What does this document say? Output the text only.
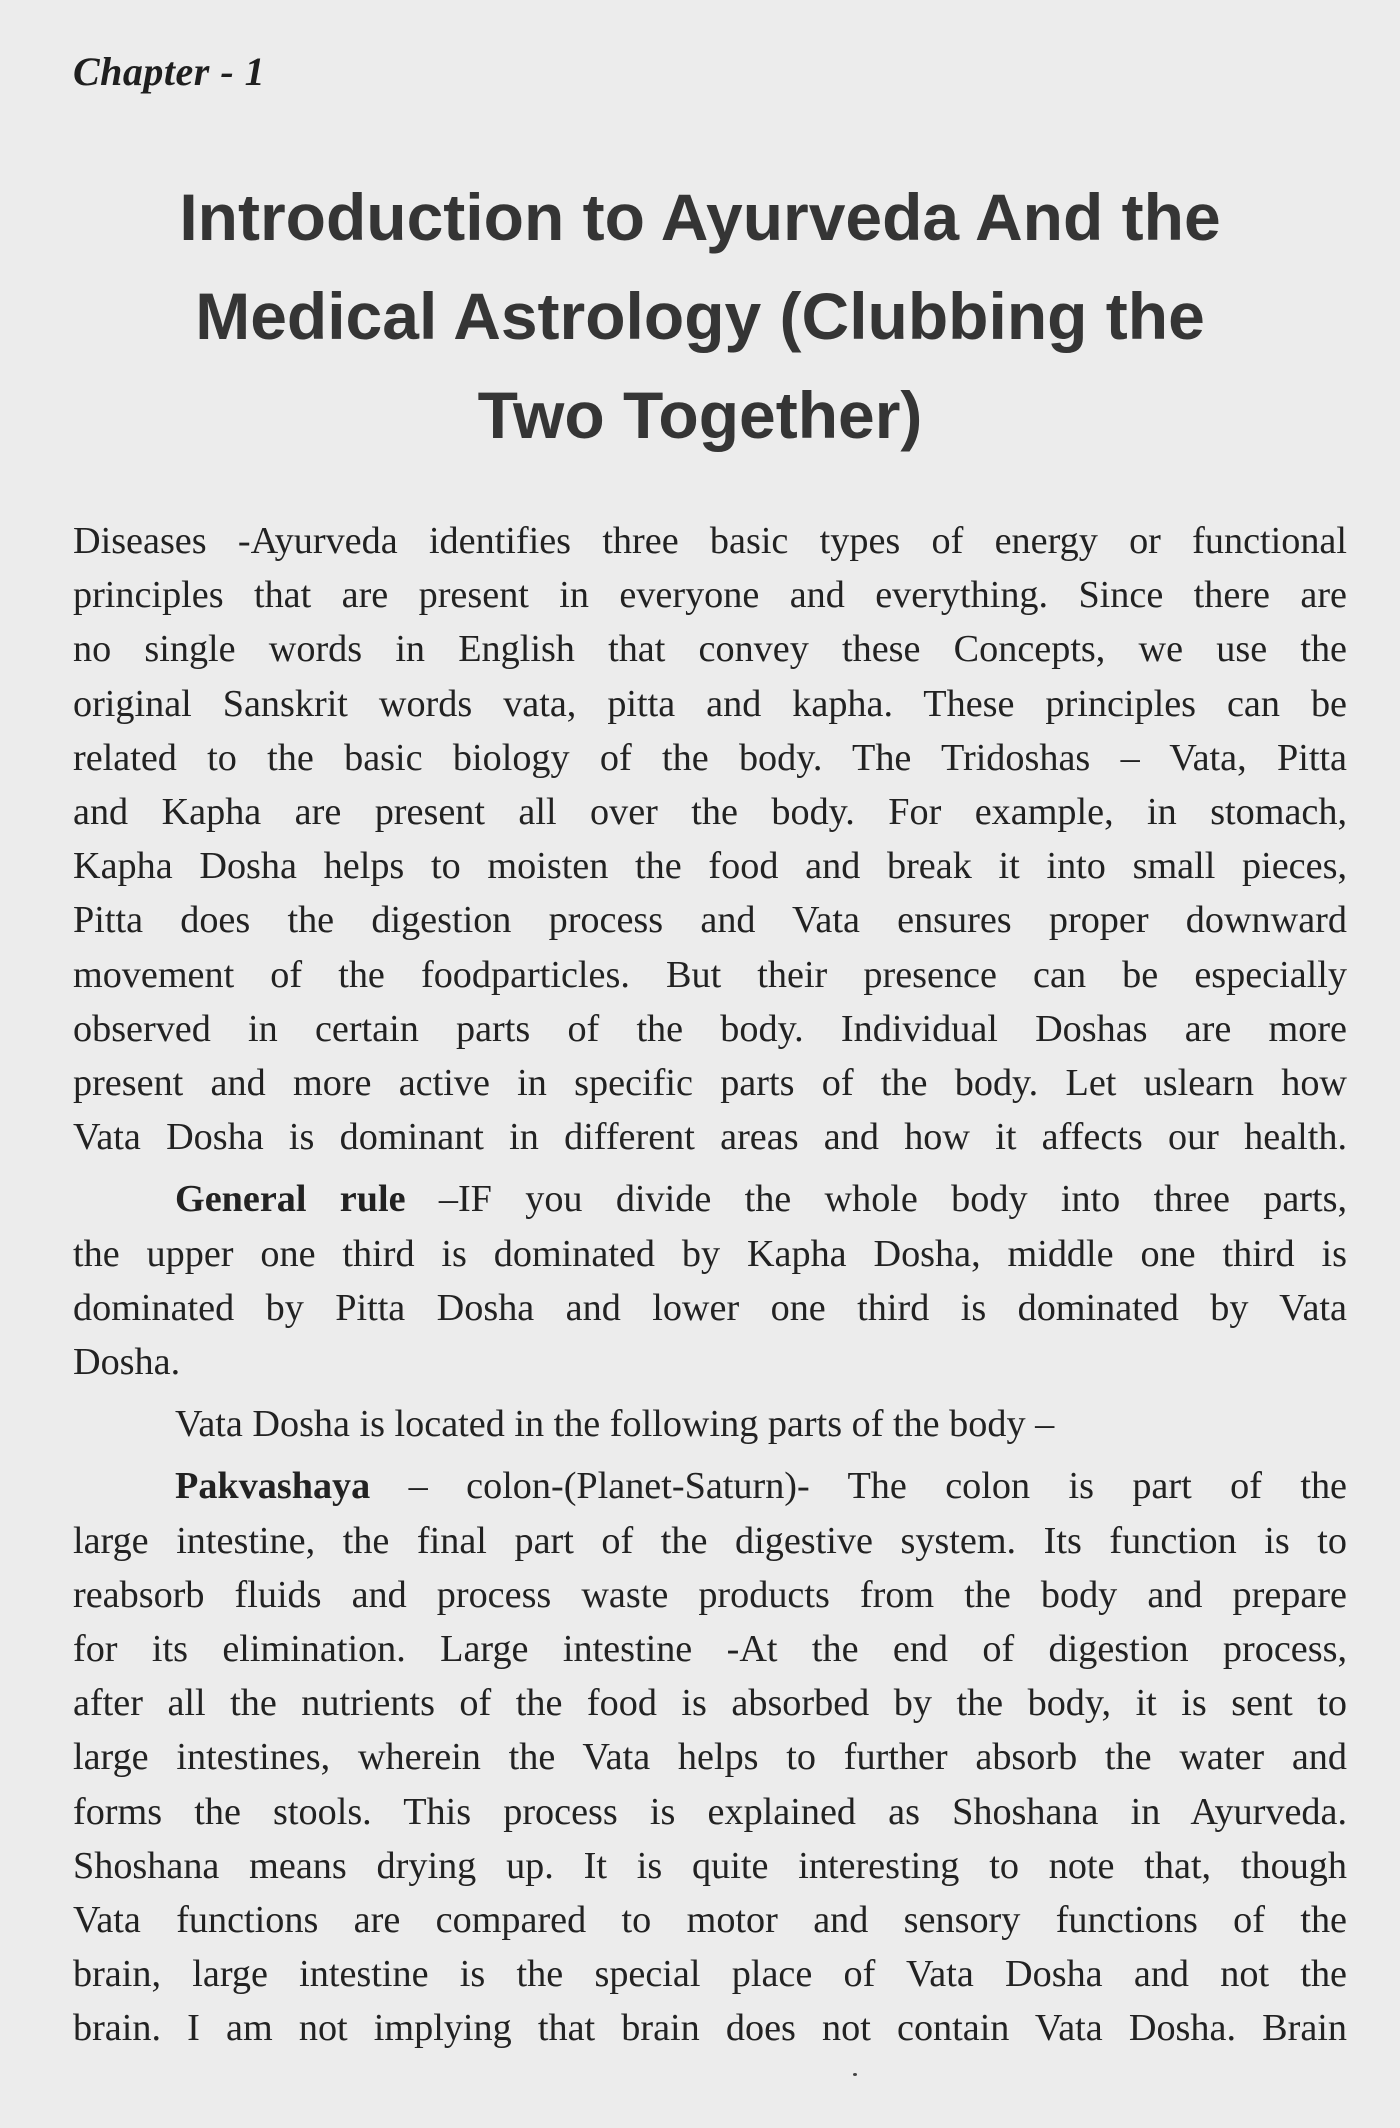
Chapter - 1
Introduction to Ayurveda And the
Medical Astrology (Clubbing the
Two Together)
Diseases -Ayurveda identifies three basic types of energy or functional
principles that are present in everyone and everything. Since there are
no single words in English that convey these Concepts, we use the
original Sanskrit words vata, pitta and kapha. These principles can be
related to the basic biology of the body. The Tridoshas – Vata, Pitta
and Kapha are present all over the body. For example, in stomach,
Kapha Dosha helps to moisten the food and break it into small pieces,
Pitta does the digestion process and Vata ensures proper downward
movement of the foodparticles. But their presence can be especially
observed in certain parts of the body. Individual Doshas are more
present and more active in specific parts of the body. Let uslearn how
Vata Dosha is dominant in different areas and how it affects our health.
General rule –IF you divide the whole body into three parts,
the upper one third is dominated by Kapha Dosha, middle one third is
dominated by Pitta Dosha and lower one third is dominated by Vata
Dosha.
Vata Dosha is located in the following parts of the body –
Pakvashaya – colon-(Planet-Saturn)- The colon is part of the
large intestine, the final part of the digestive system. Its function is to
reabsorb fluids and process waste products from the body and prepare
for its elimination. Large intestine -At the end of digestion process,
after all the nutrients of the food is absorbed by the body, it is sent to
large intestines, wherein the Vata helps to further absorb the water and
forms the stools. This process is explained as Shoshana in Ayurveda.
Shoshana means drying up. It is quite interesting to note that, though
Vata functions are compared to motor and sensory functions of the
brain, large intestine is the special place of Vata Dosha and not the
brain. I am not implying that brain does not contain Vata Dosha. Brain
